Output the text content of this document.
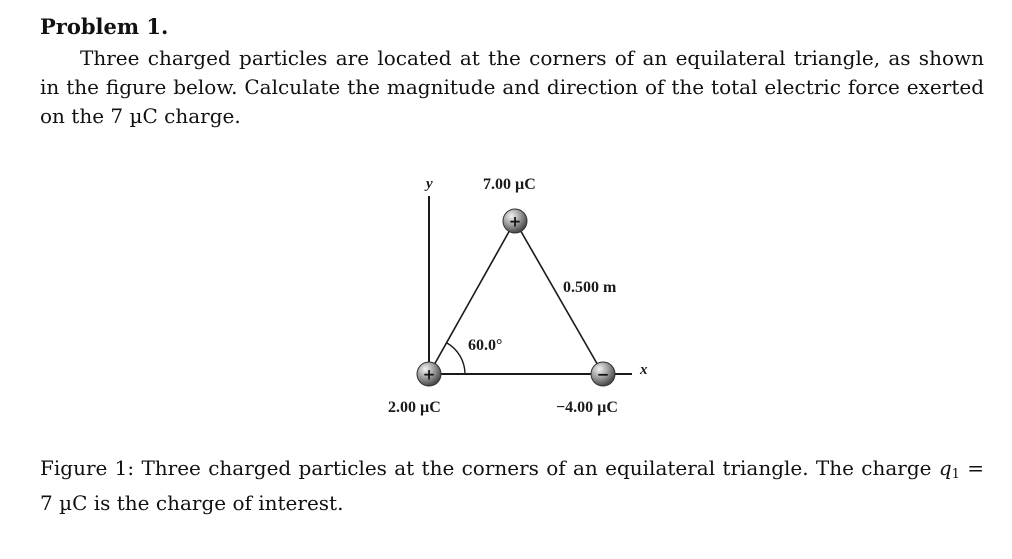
Problem 1.

Three charged particles are located at the corners of an equilateral triangle, as shown in the figure below. Calculate the magnitude and direction of the total electric force exerted on the 7 µC charge.

+
+	−
y
x
7.00 µC
0.500 m
60.0°
2.00 µC	−4.00 µC

Figure 1: Three charged particles at the corners of an equilateral triangle. The charge $q_1 = 7$ µC is the charge of interest.
